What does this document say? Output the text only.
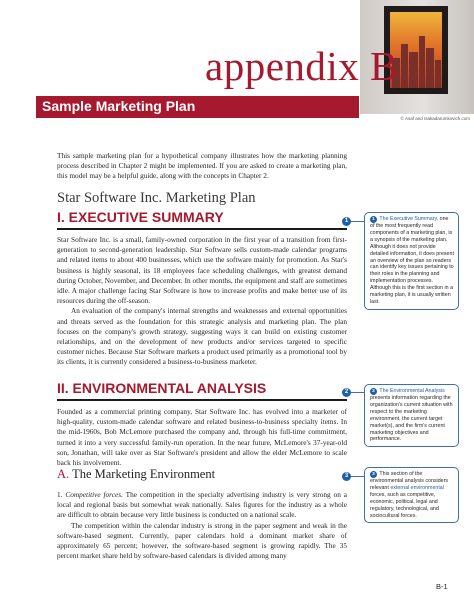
© Asaf and Isakadarumkovich.com
appendix B
Sample Marketing Plan
This sample marketing plan for a hypothetical company illustrates how the marketing planning process described in Chapter 2 might be implemented. If you are asked to create a marketing plan, this model may be a helpful guide, along with the concepts in Chapter 2.
Star Software Inc. Marketing Plan
I. EXECUTIVE SUMMARY
Star Software Inc. is a small, family-owned corporation in the first year of a transition from first-generation to second-generation leadership. Star Software sells custom-made calendar programs and related items to about 400 businesses, which use the software mainly for promotion. As Star's business is highly seasonal, its 18 employees face scheduling challenges, with greatest demand during October, November, and December. In other months, the equipment and staff are sometimes idle. A major challenge facing Star Software is how to increase profits and make better use of its resources during the off-season.
An evaluation of the company's internal strengths and weaknesses and external opportunities and threats served as the foundation for this strategic analysis and marketing plan. The plan focuses on the company's growth strategy, suggesting ways it can build on existing customer relationships, and on the development of new products and/or services targeted to specific customer niches. Because Star Software markets a product used primarily as a promotional tool by its clients, it is currently considered a business-to-business marketer.
II. ENVIRONMENTAL ANALYSIS
Founded as a commercial printing company, Star Software Inc. has evolved into a marketer of high-quality, custom-made calendar software and related business-to-business specialty items. In the mid-1960s, Bob McLemore purchased the company and, through his full-time commitment, turned it into a very successful family-run operation. In the near future, McLemore's 37-year-old son, Jonathan, will take over as Star Software's president and allow the elder McLemore to scale back his involvement.
A. The Marketing Environment
1. Competitive forces. The competition in the specialty advertising industry is very strong on a local and regional basis but somewhat weak nationally. Sales figures for the industry as a whole are difficult to obtain because very little business is conducted on a national scale.
The competition within the calendar industry is strong in the paper segment and weak in the software-based segment. Currently, paper calendars hold a dominant market share of approximately 65 percent; however, the software-based segment is growing rapidly. The 35 percent market share held by software-based calendars is divided among many
1	1 The Executive Summary, one of the most frequently read components of a marketing plan, is a synopsis of the marketing plan. Although it does not provide detailed information, it does present an overview of the plan so readers can identify key issues pertaining to their roles in the planning and implementation processes. Although this is the first section in a marketing plan, it is usually written last.
2	2 The Environmental Analysis presents information regarding the organization's current situation with respect to the marketing environment, the current target market(s), and the firm's current marketing objectives and performance.
3	3 This section of the environmental analysis considers relevant external environmental forces, such as competitive, economic, political, legal and regulatory, technological, and sociocultural forces.
B-1
